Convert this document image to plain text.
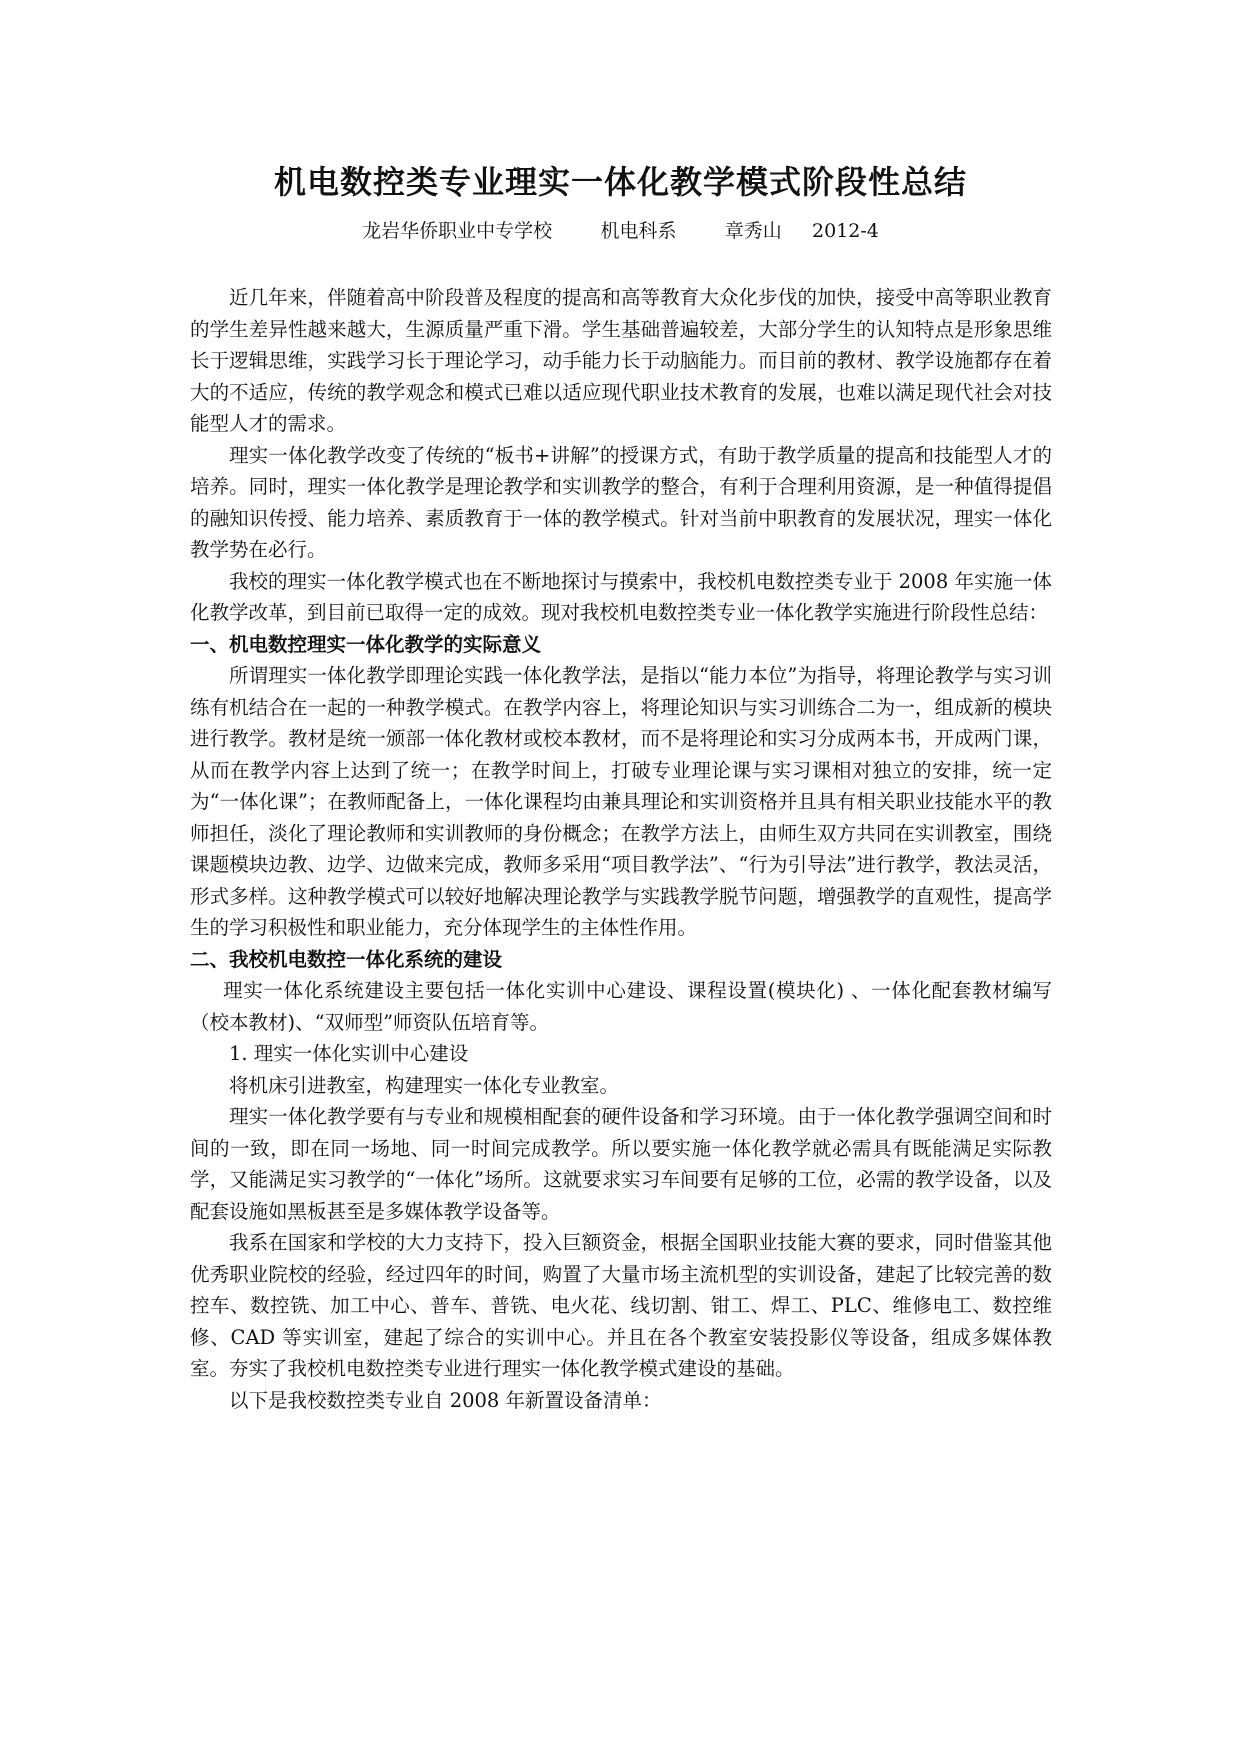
机电数控类专业理实一体化教学模式阶段性总结
龙岩华侨职业中专学校	机电科系	章秀山 2012-4

近几年来，伴随着高中阶段普及程度的提高和高等教育大众化步伐的加快，接受中高等职业教育的学生差异性越来越大，生源质量严重下滑。学生基础普遍较差，大部分学生的认知特点是形象思维长于逻辑思维，实践学习长于理论学习，动手能力长于动脑能力。而目前的教材、教学设施都存在着大的不适应，传统的教学观念和模式已难以适应现代职业技术教育的发展，也难以满足现代社会对技能型人才的需求。

理实一体化教学改变了传统的“板书+讲解”的授课方式，有助于教学质量的提高和技能型人才的培养。同时，理实一体化教学是理论教学和实训教学的整合，有利于合理利用资源，是一种值得提倡的融知识传授、能力培养、素质教育于一体的教学模式。针对当前中职教育的发展状况，理实一体化教学势在必行。

我校的理实一体化教学模式也在不断地探讨与摸索中，我校机电数控类专业于 2008 年实施一体化教学改革，到目前已取得一定的成效。现对我校机电数控类专业一体化教学实施进行阶段性总结：

一、机电数控理实一体化教学的实际意义

所谓理实一体化教学即理论实践一体化教学法，是指以“能力本位”为指导，将理论教学与实习训练有机结合在一起的一种教学模式。在教学内容上，将理论知识与实习训练合二为一，组成新的模块进行教学。教材是统一颁部一体化教材或校本教材，而不是将理论和实习分成两本书，开成两门课，从而在教学内容上达到了统一；在教学时间上，打破专业理论课与实习课相对独立的安排，统一定为“一体化课”；在教师配备上，一体化课程均由兼具理论和实训资格并且具有相关职业技能水平的教师担任，淡化了理论教师和实训教师的身份概念；在教学方法上，由师生双方共同在实训教室，围绕课题模块边教、边学、边做来完成，教师多采用“项目教学法”、“行为引导法”进行教学，教法灵活，形式多样。这种教学模式可以较好地解决理论教学与实践教学脱节问题，增强教学的直观性，提高学生的学习积极性和职业能力，充分体现学生的主体性作用。

二、我校机电数控一体化系统的建设

理实一体化系统建设主要包括一体化实训中心建设、课程设置(模块化) 、一体化配套教材编写（校本教材)、“双师型”师资队伍培育等。

1. 理实一体化实训中心建设

将机床引进教室，构建理实一体化专业教室。

理实一体化教学要有与专业和规模相配套的硬件设备和学习环境。由于一体化教学强调空间和时间的一致，即在同一场地、同一时间完成教学。所以要实施一体化教学就必需具有既能满足实际教学，又能满足实习教学的“一体化”场所。这就要求实习车间要有足够的工位，必需的教学设备，以及配套设施如黑板甚至是多媒体教学设备等。

我系在国家和学校的大力支持下，投入巨额资金，根据全国职业技能大赛的要求，同时借鉴其他优秀职业院校的经验，经过四年的时间，购置了大量市场主流机型的实训设备，建起了比较完善的数控车、数控铣、加工中心、普车、普铣、电火花、线切割、钳工、焊工、PLC、维修电工、数控维修、CAD 等实训室，建起了综合的实训中心。并且在各个教室安装投影仪等设备，组成多媒体教室。夯实了我校机电数控类专业进行理实一体化教学模式建设的基础。

以下是我校数控类专业自 2008 年新置设备清单：
